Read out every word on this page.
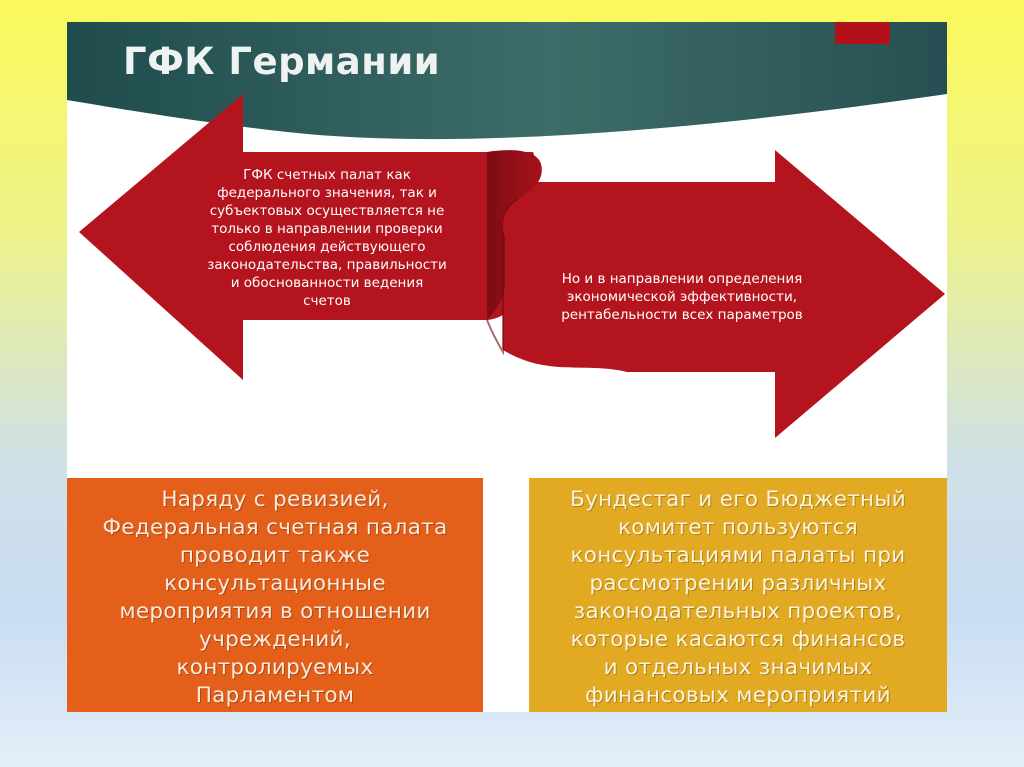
ГФК Германии

ГФК счетных палат как
федерального значения, так и
субъектовых осуществляется не
только в направлении проверки
соблюдения действующего
законодательства, правильности
и обоснованности ведения
счетов

Но и в направлении определения
экономической эффективности,
рентабельности всех параметров

Наряду с ревизией,
Федеральная счетная палата
проводит также
консультационные
мероприятия в отношении
учреждений,
контролируемых
Парламентом
Бундестаг и его Бюджетный
комитет пользуются
консультациями палаты при
рассмотрении различных
законодательных проектов,
которые касаются финансов
и отдельных значимых
финансовых мероприятий
